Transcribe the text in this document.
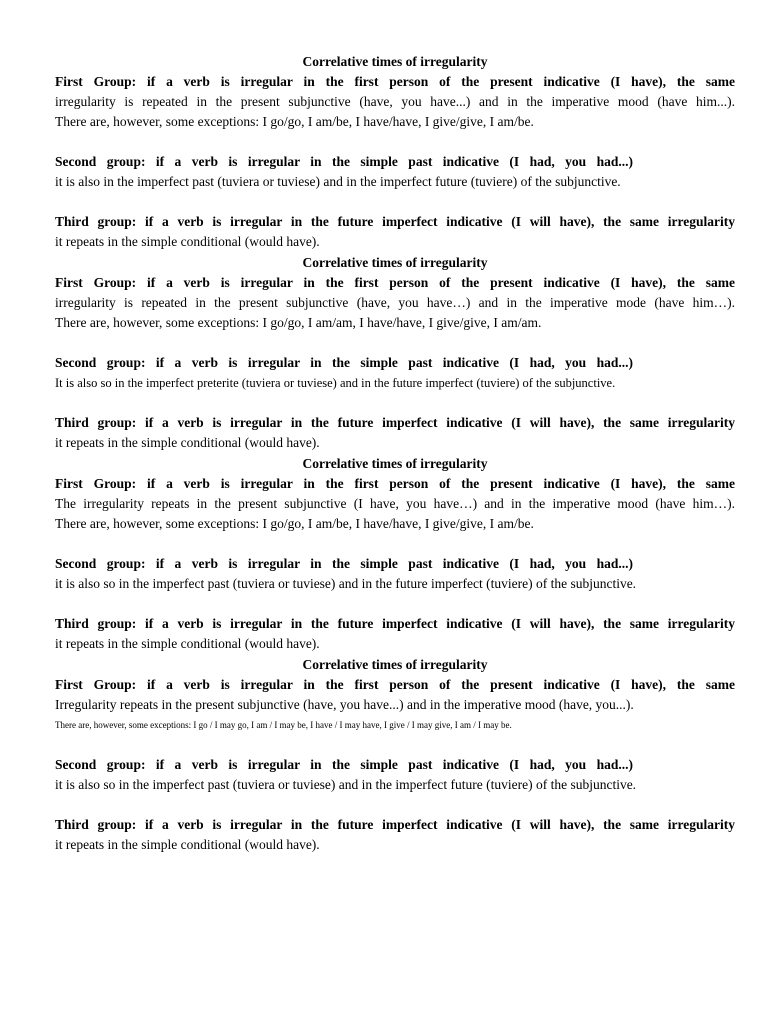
Correlative times of irregularity
First Group: if a verb is irregular in the first person of the present indicative (I have), the same
irregularity is repeated in the present subjunctive (have, you have...) and in the imperative mood (have him...).
There are, however, some exceptions: I go/go, I am/be, I have/have, I give/give, I am/be.
Second group: if a verb is irregular in the simple past indicative (I had, you had...)
it is also in the imperfect past (tuviera or tuviese) and in the imperfect future (tuviere) of the subjunctive.
Third group: if a verb is irregular in the future imperfect indicative (I will have), the same irregularity
it repeats in the simple conditional (would have).
Correlative times of irregularity
First Group: if a verb is irregular in the first person of the present indicative (I have), the same
irregularity is repeated in the present subjunctive (have, you have…) and in the imperative mode (have him…).
There are, however, some exceptions: I go/go, I am/am, I have/have, I give/give, I am/am.
Second group: if a verb is irregular in the simple past indicative (I had, you had...)
It is also so in the imperfect preterite (tuviera or tuviese) and in the future imperfect (tuviere) of the subjunctive.
Third group: if a verb is irregular in the future imperfect indicative (I will have), the same irregularity
it repeats in the simple conditional (would have).
Correlative times of irregularity
First Group: if a verb is irregular in the first person of the present indicative (I have), the same
The irregularity repeats in the present subjunctive (I have, you have…) and in the imperative mood (have him…).
There are, however, some exceptions: I go/go, I am/be, I have/have, I give/give, I am/be.
Second group: if a verb is irregular in the simple past indicative (I had, you had...)
it is also so in the imperfect past (tuviera or tuviese) and in the future imperfect (tuviere) of the subjunctive.
Third group: if a verb is irregular in the future imperfect indicative (I will have), the same irregularity
it repeats in the simple conditional (would have).
Correlative times of irregularity
First Group: if a verb is irregular in the first person of the present indicative (I have), the same
Irregularity repeats in the present subjunctive (have, you have...) and in the imperative mood (have, you...).
There are, however, some exceptions: I go / I may go, I am / I may be, I have / I may have, I give / I may give, I am / I may be.
Second group: if a verb is irregular in the simple past indicative (I had, you had...)
it is also so in the imperfect past (tuviera or tuviese) and in the imperfect future (tuviere) of the subjunctive.
Third group: if a verb is irregular in the future imperfect indicative (I will have), the same irregularity
it repeats in the simple conditional (would have).
